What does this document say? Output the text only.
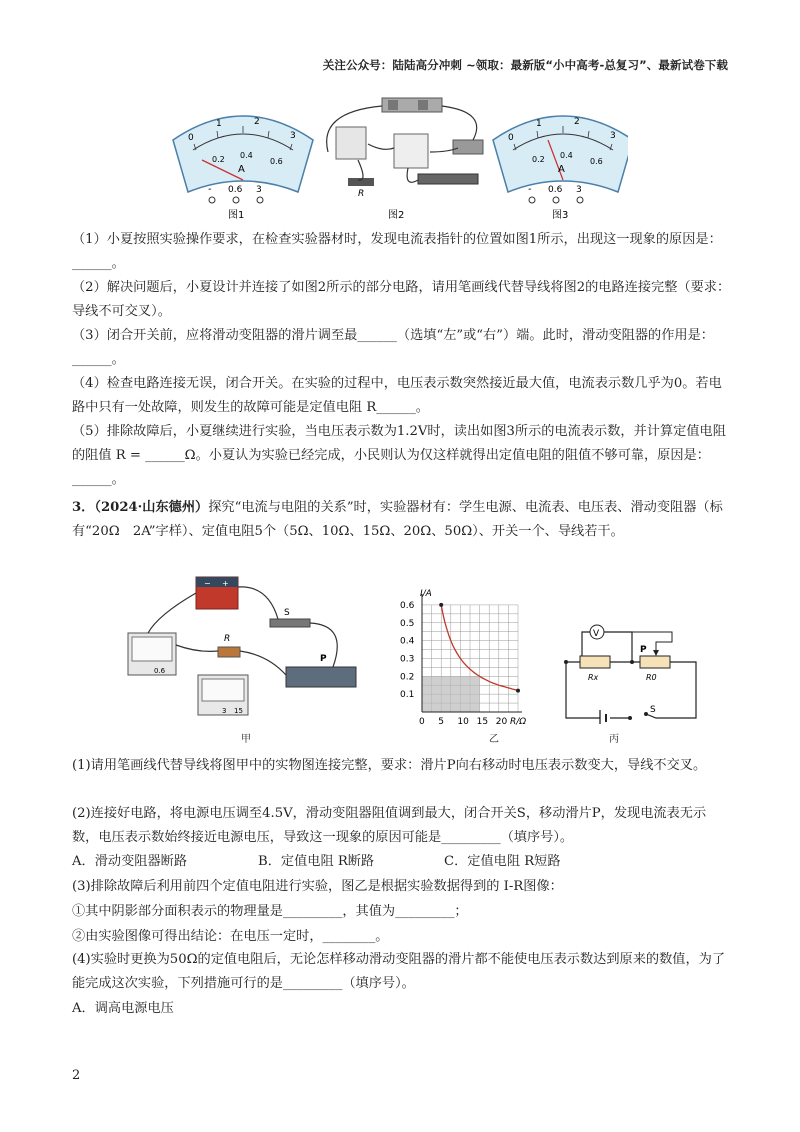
关注公众号：陆陆高分冲刺 ~领取：最新版“小中高考-总复习”、最新试卷下载
0
1	2
3
0.2 0.4
0.6
A
- 0.6 3
图1
R
图2
0
1	2
3
0.2 0.4
0.6
A
- 0.6 3
图3

（1）小夏按照实验操作要求，在检查实验器材时，发现电流表指针的位置如图1所示，出现这一现象的原因是：______。

（2）解决问题后，小夏设计并连接了如图2所示的部分电路，请用笔画线代替导线将图2的电路连接完整（要求：导线不可交叉）。

（3）闭合开关前，应将滑动变阻器的滑片调至最______（选填“左”或“右”）端。此时，滑动变阻器的作用是：______。

（4）检查电路连接无误，闭合开关。在实验的过程中，电压表示数突然接近最大值，电流表示数几乎为0。若电路中只有一处故障，则发生的故障可能是定值电阻 R______。

（5）排除故障后，小夏继续进行实验，当电压表示数为1.2V时，读出如图3所示的电流表示数，并计算定值电阻的阻值 R = ______Ω。小夏认为实验已经完成，小民则认为仅这样就得出定值电阻的阻值不够可靠，原因是：______。

3．（2024·山东德州）探究“电流与电阻的关系”时，实验器材有：学生电源、电流表、电压表、滑动变阻器（标有“20Ω　2A”字样）、定值电阻5个（5Ω、10Ω、15Ω、20Ω、50Ω）、开关一个、导线若干。

− +
0.6
R
3 15
S
P
甲
0.1
0.2
0.3
0.4
0.5
0.6
0 5 10 15 20
I/A
R/Ω
乙
V
S
P
Rx	R0
丙

(1)请用笔画线代替导线将图甲中的实物图连接完整，要求：滑片P向右移动时电压表示数变大，导线不交叉。

(2)连接好电路，将电源电压调至4.5V，滑动变阻器阻值调到最大，闭合开关S，移动滑片P，发现电流表无示数，电压表示数始终接近电源电压，导致这一现象的原因可能是_________（填序号）。

A．滑动变阻器断路	B．定值电阻 R断路	C．定值电阻 R短路
(3)排除故障后利用前四个定值电阻进行实验，图乙是根据实验数据得到的 I-R图像：
①其中阴影部分面积表示的物理量是_________，其值为_________；
②由实验图像可得出结论：在电压一定时，________。

(4)实验时更换为50Ω的定值电阻后，无论怎样移动滑动变阻器的滑片都不能使电压表示数达到原来的数值，为了能完成这次实验，下列措施可行的是_________（填序号）。

A．调高电源电压
2
